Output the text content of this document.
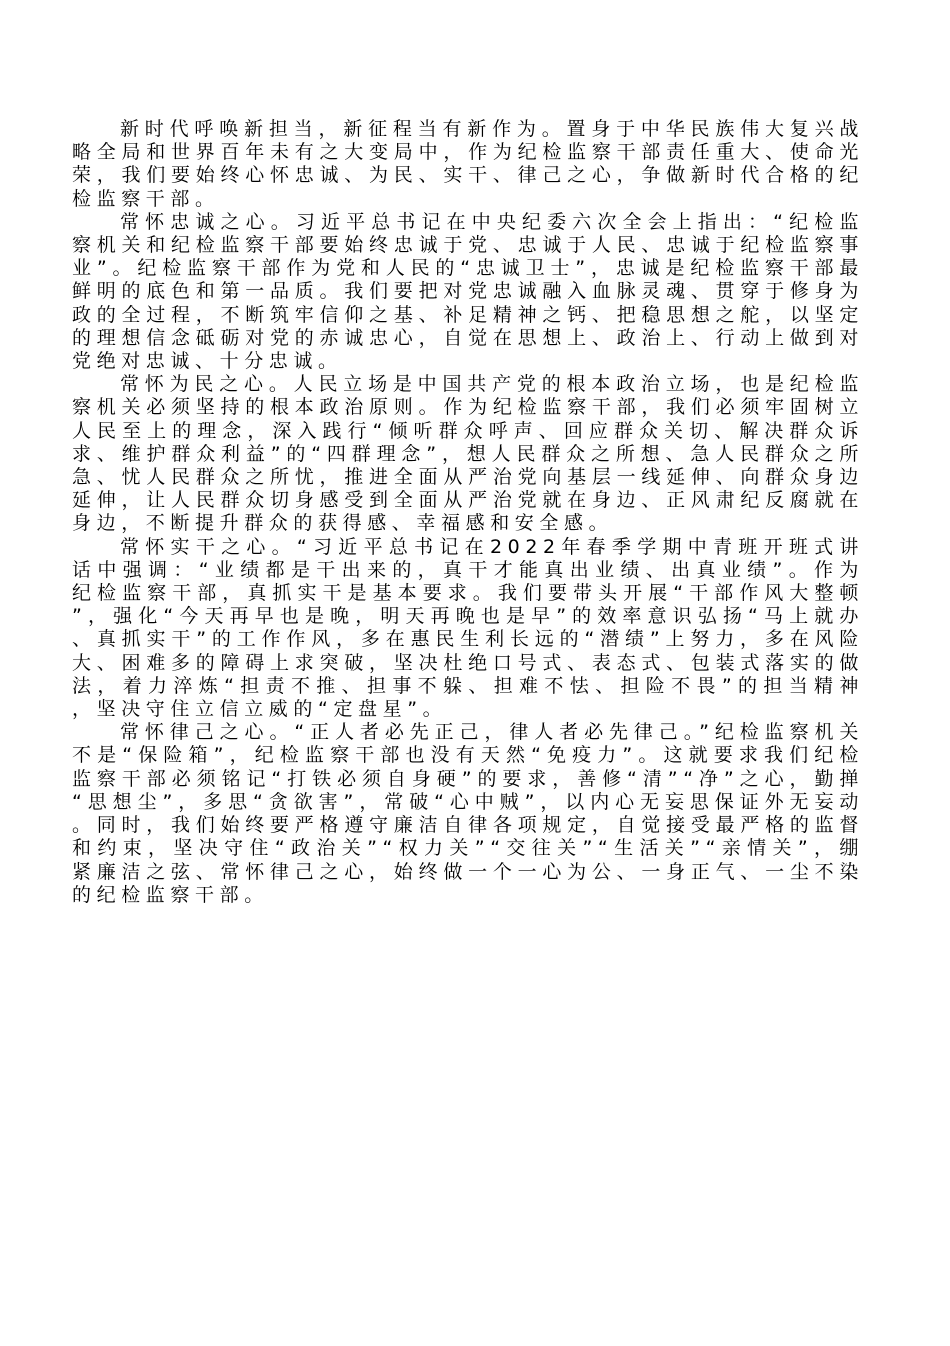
新时代呼唤新担当，新征程当有新作为。置身于中华民族伟大复兴战略全局和世界百年未有之大变局中，作为纪检监察干部责任重大、使命光荣，我们要始终心怀忠诚、为民、实干、律己之心，争做新时代合格的纪检监察干部。

常怀忠诚之心。习近平总书记在中央纪委六次全会上指出：“纪检监察机关和纪检监察干部要始终忠诚于党、忠诚于人民、忠诚于纪检监察事业”。纪检监察干部作为党和人民的“忠诚卫士”，忠诚是纪检监察干部最鲜明的底色和第一品质。我们要把对党忠诚融入血脉灵魂、贯穿于修身为政的全过程，不断筑牢信仰之基、补足精神之钙、把稳思想之舵，以坚定的理想信念砥砺对党的赤诚忠心，自觉在思想上、政治上、行动上做到对党绝对忠诚、十分忠诚。

常怀为民之心。人民立场是中国共产党的根本政治立场，也是纪检监察机关必须坚持的根本政治原则。作为纪检监察干部，我们必须牢固树立人民至上的理念，深入践行“倾听群众呼声、回应群众关切、解决群众诉求、维护群众利益”的“四群理念”，想人民群众之所想、急人民群众之所急、忧人民群众之所忧，推进全面从严治党向基层一线延伸、向群众身边延伸，让人民群众切身感受到全面从严治党就在身边、正风肃纪反腐就在身边，不断提升群众的获得感、幸福感和安全感。

常怀实干之心。“习近平总书记在2022年春季学期中青班开班式讲话中强调：“业绩都是干出来的，真干才能真出业绩、出真业绩”。作为纪检监察干部，真抓实干是基本要求。我们要带头开展“干部作风大整顿”，强化“今天再早也是晚，明天再晚也是早”的效率意识弘扬“马上就办、真抓实干”的工作作风，多在惠民生利长远的“潜绩”上努力，多在风险大、困难多的障碍上求突破，坚决杜绝口号式、表态式、包装式落实的做法，着力淬炼“担责不推、担事不躲、担难不怯、担险不畏”的担当精神，坚决守住立信立威的“定盘星”。

常怀律己之心。“正人者必先正己，律人者必先律己。”纪检监察机关不是“保险箱”，纪检监察干部也没有天然“免疫力”。这就要求我们纪检监察干部必须铭记“打铁必须自身硬”的要求，善修“清”“净”之心，勤掸“思想尘”，多思“贪欲害”，常破“心中贼”，以内心无妄思保证外无妄动。同时，我们始终要严格遵守廉洁自律各项规定，自觉接受最严格的监督和约束，坚决守住“政治关”“权力关”“交往关”“生活关”“亲情关”，绷紧廉洁之弦、常怀律己之心，始终做一个一心为公、一身正气、一尘不染的纪检监察干部。
